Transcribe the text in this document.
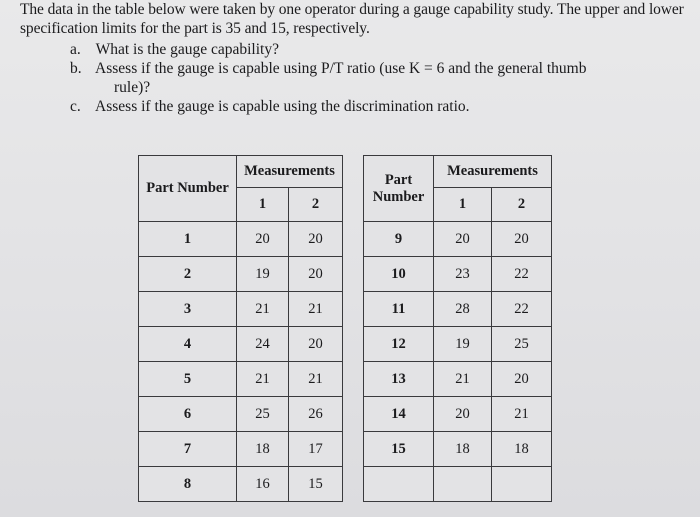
The data in the table below were taken by one operator during a gauge capability study. The upper and lower specification limits for the part is 35 and 15, respectively.

a. What is the gauge capability?
b. Assess if the gauge is capable using P/T ratio (use K = 6 and the general thumb
rule)?
c. Assess if the gauge is capable using the discrimination ratio.
Part Number	Measurements	
	1	2
1	20	20
2	19	20
3	21	21
4	24	20
5	21	21
6	25	26
7	18	17
8	16	15
Part
Number	Measurements	
	1	2
9	20	20
10	23	22
11	28	22
12	19	25
13	21	20
14	20	21
15	18	18
